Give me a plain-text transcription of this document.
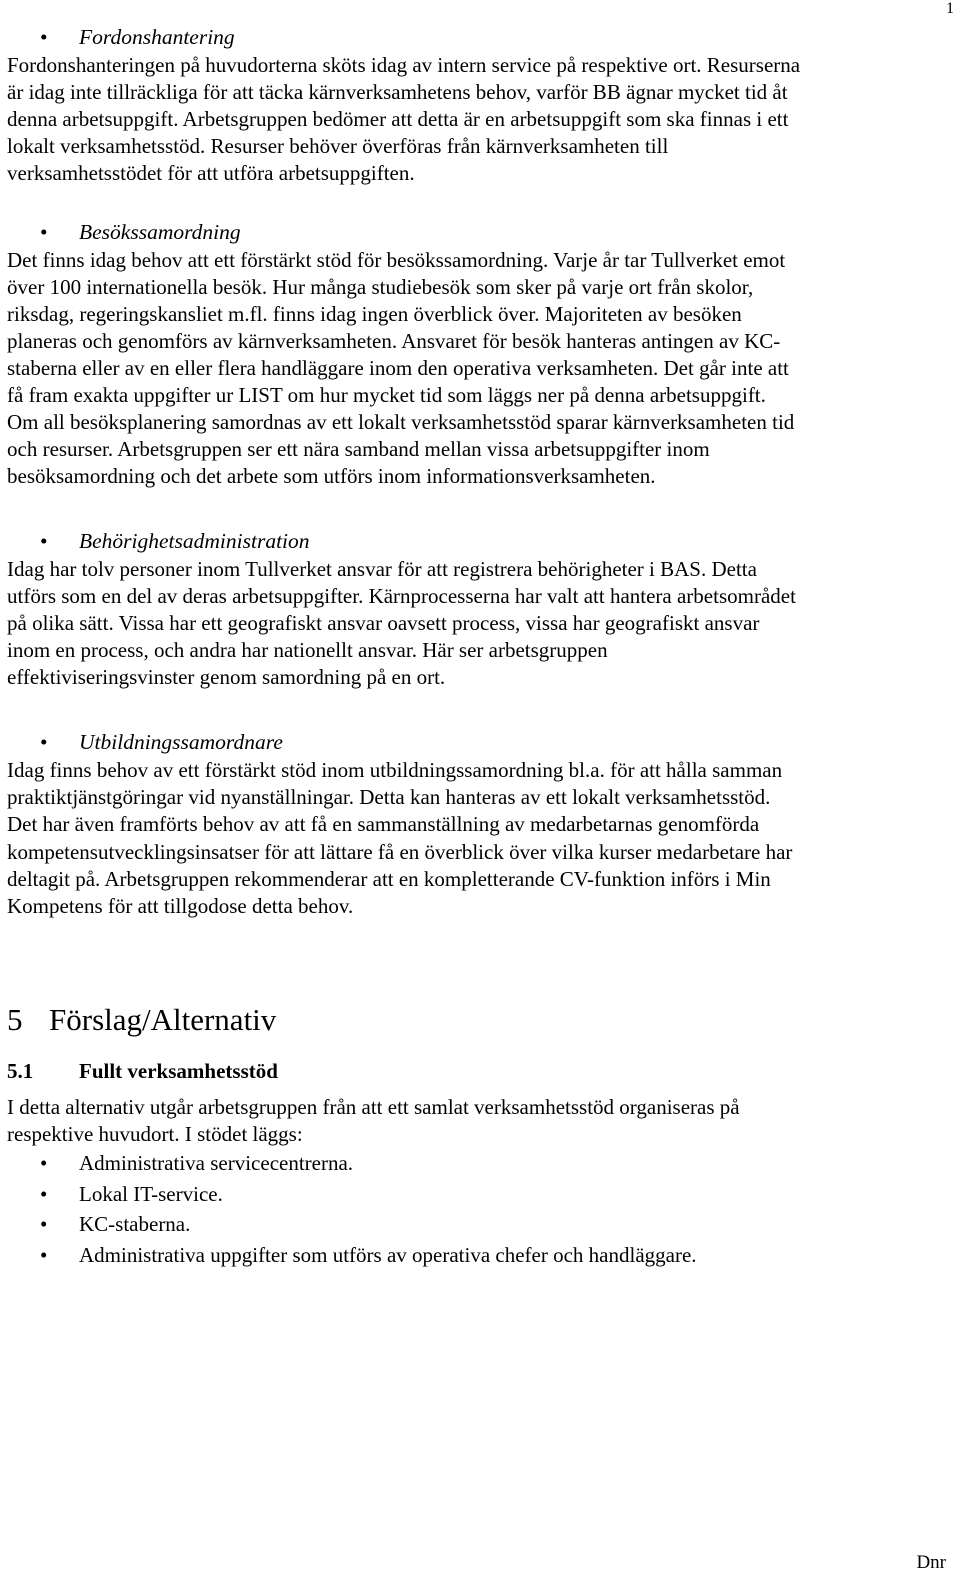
1
•	Fordonshantering

Fordonshanteringen på huvudorterna sköts idag av intern service på respektive ort. Resurserna
är idag inte tillräckliga för att täcka kärnverksamhetens behov, varför BB ägnar mycket tid åt
denna arbetsuppgift. Arbetsgruppen bedömer att detta är en arbetsuppgift som ska finnas i ett
lokalt verksamhetsstöd. Resurser behöver överföras från kärnverksamheten till
verksamhetsstödet för att utföra arbetsuppgiften.

•	Besökssamordning

Det finns idag behov att ett förstärkt stöd för besökssamordning. Varje år tar Tullverket emot
över 100 internationella besök. Hur många studiebesök som sker på varje ort från skolor,
riksdag, regeringskansliet m.fl. finns idag ingen överblick över. Majoriteten av besöken
planeras och genomförs av kärnverksamheten. Ansvaret för besök hanteras antingen av KC-
staberna eller av en eller flera handläggare inom den operativa verksamheten. Det går inte att
få fram exakta uppgifter ur LIST om hur mycket tid som läggs ner på denna arbetsuppgift.
Om all besöksplanering samordnas av ett lokalt verksamhetsstöd sparar kärnverksamheten tid
och resurser. Arbetsgruppen ser ett nära samband mellan vissa arbetsuppgifter inom
besöksamordning och det arbete som utförs inom informationsverksamheten.

•	Behörighetsadministration

Idag har tolv personer inom Tullverket ansvar för att registrera behörigheter i BAS. Detta
utförs som en del av deras arbetsuppgifter. Kärnprocesserna har valt att hantera arbetsområdet
på olika sätt. Vissa har ett geografiskt ansvar oavsett process, vissa har geografiskt ansvar
inom en process, och andra har nationellt ansvar. Här ser arbetsgruppen
effektiviseringsvinster genom samordning på en ort.

•	Utbildningssamordnare

Idag finns behov av ett förstärkt stöd inom utbildningssamordning bl.a. för att hålla samman
praktiktjänstgöringar vid nyanställningar. Detta kan hanteras av ett lokalt verksamhetsstöd.
Det har även framförts behov av att få en sammanställning av medarbetarnas genomförda
kompetensutvecklingsinsatser för att lättare få en överblick över vilka kurser medarbetare har
deltagit på. Arbetsgruppen rekommenderar att en kompletterande CV-funktion införs i Min
Kompetens för att tillgodose detta behov.

5 Förslag/Alternativ
5.1	Fullt verksamhetsstöd

I detta alternativ utgår arbetsgruppen från att ett samlat verksamhetsstöd organiseras på
respektive huvudort. I stödet läggs:

•	Administrativa servicecentrerna.
•	Lokal IT-service.
•	KC-staberna.
•	Administrativa uppgifter som utförs av operativa chefer och handläggare.
Dnr
